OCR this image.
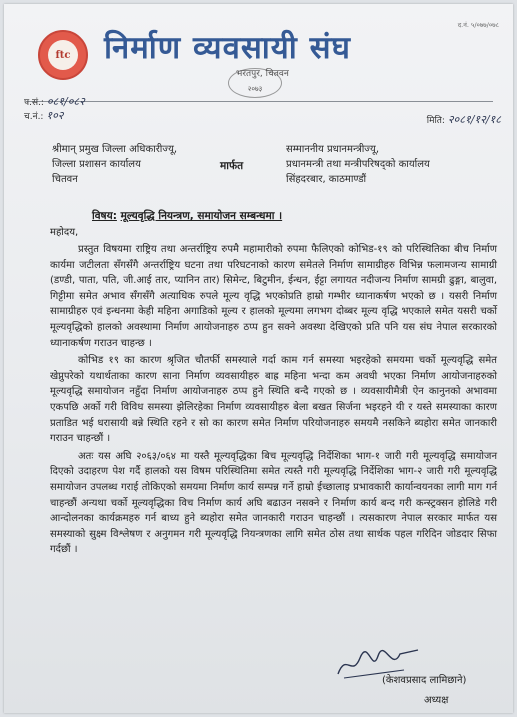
द.नं. ५/०७७/०७८
ftc निर्माण व्यवसायी संघ
२०७३
भरतपुर, चितवन
प.सं.: ०८१/०८२
च.नं.: १०२	मिति: २०८१/१२/१८
श्रीमान् प्रमुख जिल्ला अधिकारीज्यू,
जिल्ला प्रशासन कार्यालय
चितवन
मार्फत
सम्माननीय प्रधानमन्त्रीज्यू,
प्रधानमन्त्री तथा मन्त्रीपरिषद्को कार्यालय
सिंहदरबार, काठमाण्डौं
विषय: मूल्यवृद्धि नियन्त्रण, समायोजन सम्बन्धमा ।
महोदय,

प्रस्तुत विषयमा राष्ट्रिय तथा अन्तर्राष्ट्रिय रुपमै महामारीको रुपमा फैलिएको कोभिड-१९ को परिस्थितिका बीच निर्माण कार्यमा जटीलता सँगसँगै अन्तर्राष्ट्रिय घटना तथा परिघटनाको कारण समेतले निर्माण सामाग्रीहरु विभिन्न फलामजन्य सामाग्री (डण्डी, पाता, पति, जी.आई तार, प्यानिन तार) सिमेन्ट, बिटुमीन, ईन्धन, ईट्टा लगायत नदीजन्य निर्माण सामग्री ढुङ्गा, बालुवा, गिट्टीमा समेत अभाव सँगसँगै अत्याधिक रुपले मूल्य वृद्धि भएकोप्रति हाम्रो गम्भीर ध्यानाकर्षण भएको छ । यसरी निर्माण सामाग्रीहरु एवं इन्धनमा केही महिना अगाडिको मूल्य र हालको मूल्यमा लगभग दोब्बर मूल्य वृद्धि भएकाले समेत यसरी चर्को मूल्यवृद्धिको हालको अवस्थामा निर्माण आयोजनाहरु ठप्प हुन सक्ने अवस्था देखिएको प्रति पनि यस संघ नेपाल सरकारको ध्यानाकर्षण गराउन चाहन्छ ।

कोभिड १९ का कारण श्रृजित चौतर्फी समस्याले गर्दा काम गर्न समस्या भइरहेको समयमा चर्को मूल्यवृद्धि समेत खेप्नुपरेको यथार्थताका कारण साना निर्माण व्यवसायीहरु बाह्र महिना भन्दा कम अवधी भएका निर्माण आयोजनाहरुको मूल्यवृद्धि समायोजन नहुँदा निर्माण आयोजनाहरु ठप्प हुने स्थिति बन्दै गएको छ । व्यवसायीमैत्री ऐन कानुनको अभावमा एकपछि अर्को गरी विविध समस्या झेलिरहेका निर्माण व्यवसायीहरु बेला बखत सिर्जना भइरहने यी र यस्ते समस्याका कारण प्रताडित भई धरासायी बन्ने स्थिति रहने र सो का कारण समेत निर्माण परियोजनाहरु समयमै नसकिने ब्यहोरा समेत जानकारी गराउन चाहन्छौं ।

अतः यस अघि २०६३/०६४ मा यस्तै मूल्यवृद्धिका बिच मूल्यवृद्धि निर्देशिका भाग-१ जारी गरी मूल्यवृद्धि समायोजन दिएको उदाहरण पेश गर्दै हालको यस विषम परिस्थितिमा समेत त्यस्तै गरी मूल्यवृद्धि निर्देशिका भाग-२ जारी गरी मूल्यवृद्धि समायोजन उपलब्ध गराई तोकिएको समयमा निर्माण कार्य सम्पन्न गर्ने हाम्रो ईच्छालाइ प्रभावकारी कार्यान्वयनका लागी माग गर्न चाहन्छौं अन्यथा चर्को मूल्यवृद्धिका विच निर्माण कार्य अघि बढाउन नसक्ने र निर्माण कार्य बन्द गरी कन्स्ट्रक्सन होलिडे गरी आन्दोलनका कार्यक्रमहरु गर्न बाध्य हुने ब्यहोरा समेत जानकारी गराउन चाहन्छौं । त्यसकारण नेपाल सरकार मार्फत यस समस्याको सुक्ष्म विश्लेषण र अनुगमन गरी मूल्यवृद्धि नियन्त्रणका लागि समेत ठोस तथा सार्थक पहल गरिदिन जोडदार सिफा गर्दछौं ।

(केशवप्रसाद लामिछाने)
अध्यक्ष
